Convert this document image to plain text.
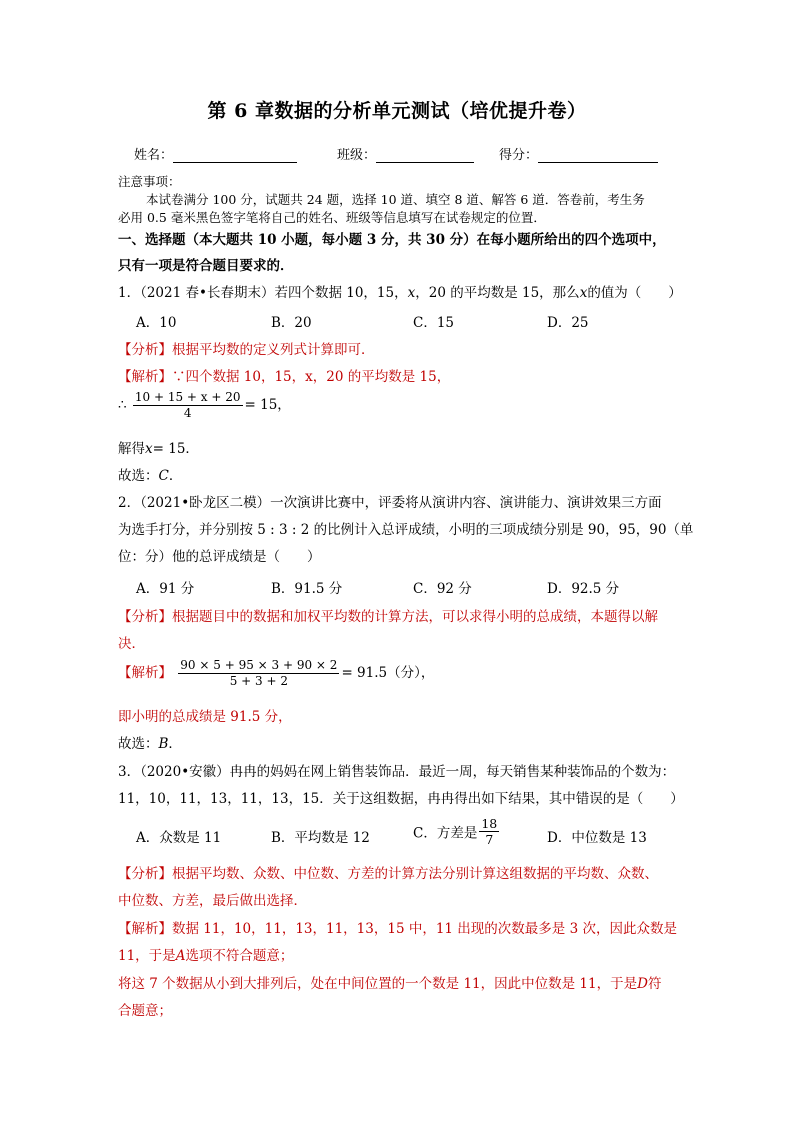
第 6 章数据的分析单元测试（培优提升卷）
姓名：	班级：	得分：
注意事项：
本试卷满分 100 分，试题共 24 题，选择 10 道、填空 8 道、解答 6 道．答卷前，考生务
必用 0.5 毫米黑色签字笔将自己的姓名、班级等信息填写在试卷规定的位置．
一、选择题（本大题共 10 小题，每小题 3 分，共 30 分）在每小题所给出的四个选项中，
只有一项是符合题目要求的．
1．（2021 春•长春期末）若四个数据 10，15，x，20 的平均数是 15，那么x的值为（　　）
A．10	B．20	C．15	D．25
【分析】根据平均数的定义列式计算即可．
【解析】∵四个数据 10，15，x，20 的平均数是 15，
∴ $\frac{10 + 15 + x + 20}{4} = 15$，
解得x= 15．
故选：C．
2．（2021•卧龙区二模）一次演讲比赛中，评委将从演讲内容、演讲能力、演讲效果三方面
为选手打分，并分别按 5 : 3 : 2 的比例计入总评成绩，小明的三项成绩分别是 90，95，90（单
位：分）他的总评成绩是（　　）
A．91 分	B．91.5 分	C．92 分	D．92.5 分
【分析】根据题目中的数据和加权平均数的计算方法，可以求得小明的总成绩，本题得以解
决．
【解析】 $\frac{90 \times 5 + 95 \times 3 + 90 \times 2}{5 + 3 + 2} = 91.5$（分），
即小明的总成绩是 91.5 分，
故选：B．
3．（2020•安徽）冉冉的妈妈在网上销售装饰品．最近一周，每天销售某种装饰品的个数为：
11，10，11，13，11，13，15．关于这组数据，冉冉得出如下结果，其中错误的是（　　）
A．众数是 11	B．平均数是 12	C．方差是 $\frac{18}{7}$	D．中位数是 13
【分析】根据平均数、众数、中位数、方差的计算方法分别计算这组数据的平均数、众数、
中位数、方差，最后做出选择．
【解析】数据 11，10，11，13，11，13，15 中，11 出现的次数最多是 3 次，因此众数是
11，于是A选项不符合题意；
将这 7 个数据从小到大排列后，处在中间位置的一个数是 11，因此中位数是 11，于是D符
合题意；
